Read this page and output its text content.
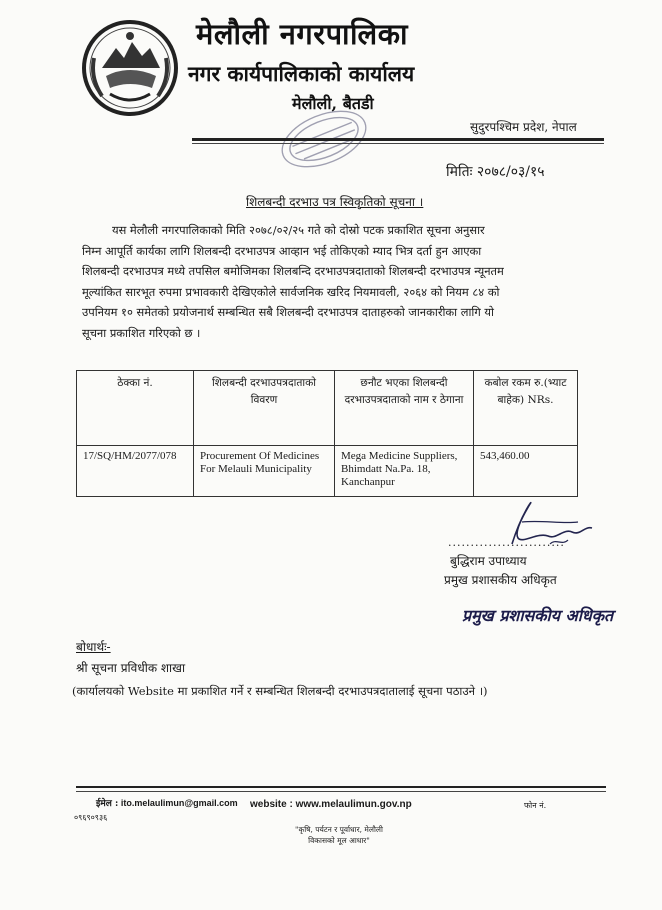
मेलौली नगरपालिका
नगर कार्यपालिकाको कार्यालय
मेलौली, बैतडी
सुदुरपश्चिम प्रदेश, नेपाल
मितिः २०७८/०३/१५
शिलबन्दी दरभाउ पत्र स्विकृतिको सूचना ।
यस मेलौली नगरपालिकाको मिति २०७८/०२/२५ गते को दोस्रो पटक प्रकाशित सूचना अनुसार
निम्न आपूर्ति कार्यका लागि शिलबन्दी दरभाउपत्र आव्हान भई तोकिएको म्याद भित्र दर्ता हुन आएका
शिलबन्दी दरभाउपत्र मध्ये तपसिल बमोजिमका शिलबन्दि दरभाउपत्रदाताको शिलबन्दी दरभाउपत्र न्यूनतम
मूल्यांकित सारभूत रुपमा प्रभावकारी देखिएकोले सार्वजनिक खरिद नियमावली, २०६४ को नियम ८४ को
उपनियम १० समेतको प्रयोजनार्थ सम्बन्धित सबै शिलबन्दी दरभाउपत्र दाताहरुको जानकारीका लागि यो
सूचना प्रकाशित गरिएको छ ।
ठेक्का नं.	शिलबन्दी दरभाउपत्रदाताको विवरण	छनौट भएका शिलबन्दी दरभाउपत्रदाताको नाम र ठेगाना	कबोल रकम रु.(भ्याट बाहेक) NRs.
17/SQ/HM/2077/078	Procurement Of Medicines For Melauli Municipality	Mega Medicine Suppliers, Bhimdatt Na.Pa. 18, Kanchanpur	543,460.00
..........................
बुद्धिराम उपाध्याय
प्रमुख प्रशासकीय अधिकृत
प्रमुख प्रशासकीय अधिकृत
बोधार्थः-
श्री सूचना प्रविधीक शाखा
(कार्यालयको Website मा प्रकाशित गर्ने र सम्बन्धित शिलबन्दी दरभाउपत्रदातालाई सूचना पठाउने ।)
ईमेल : ito.melaulimun@gmail.com website : www.melaulimun.gov.np	फोन नं.
०९६९०९३६
"कृषि, पर्यटन र पूर्वाधार, मेलौली विकासको मूल आधार"
